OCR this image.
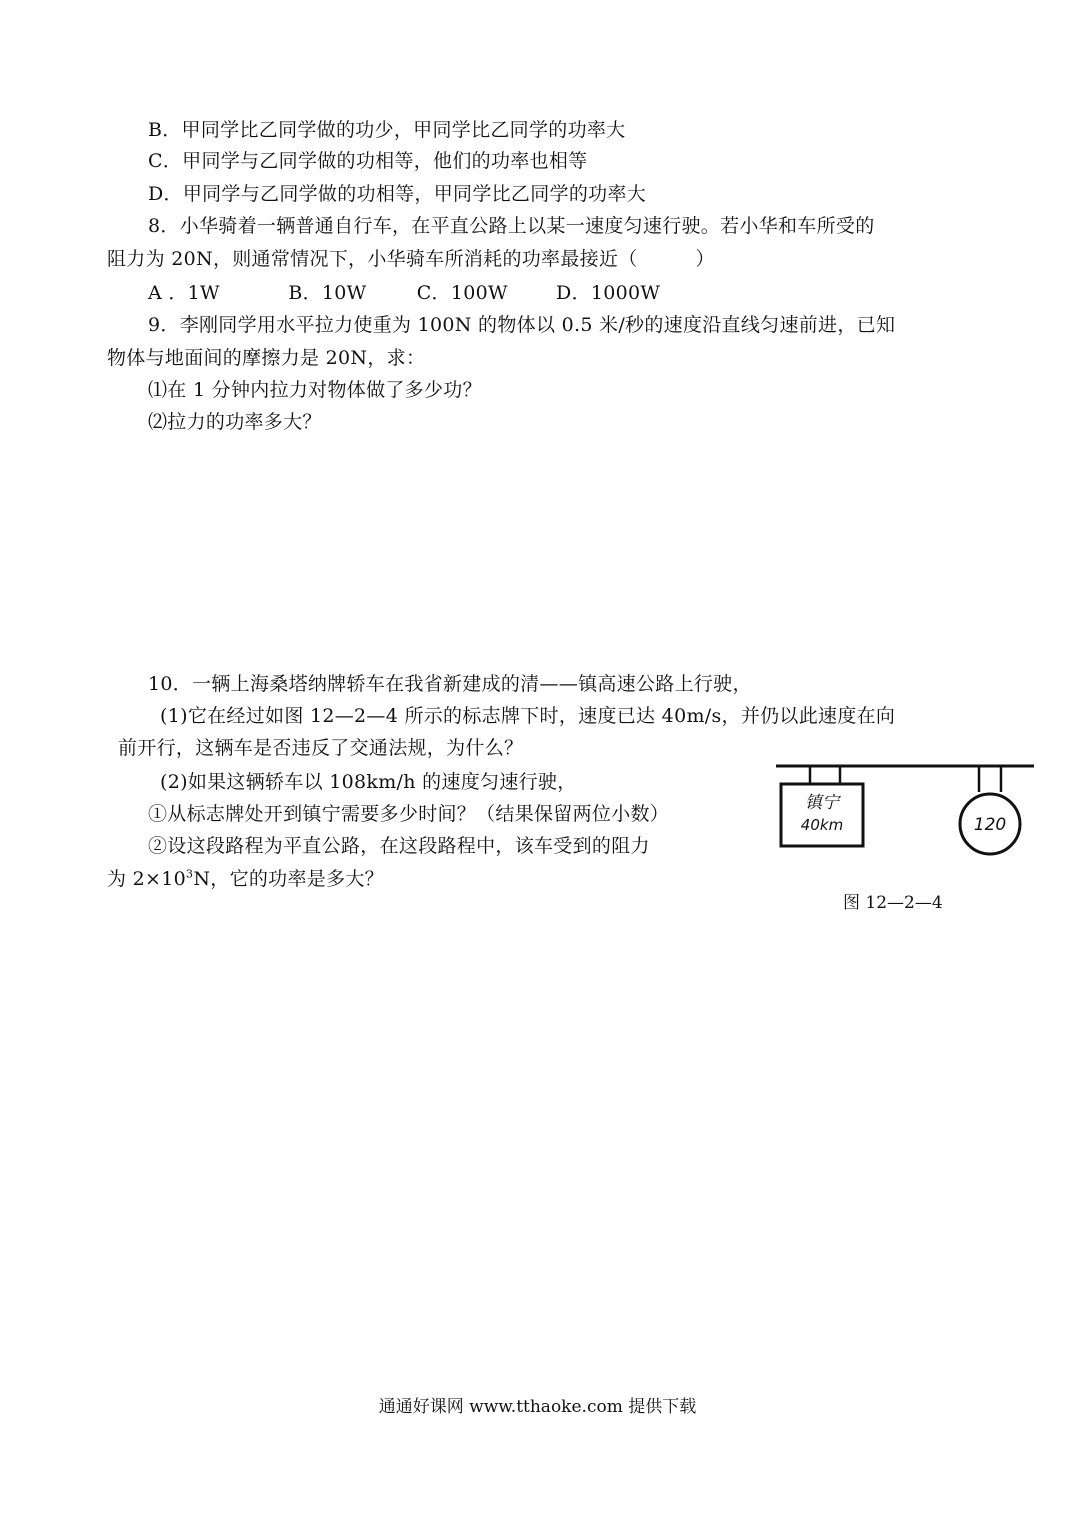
B．甲同学比乙同学做的功少，甲同学比乙同学的功率大
C．甲同学与乙同学做的功相等，他们的功率也相等
D．甲同学与乙同学做的功相等，甲同学比乙同学的功率大
8．小华骑着一辆普通自行车，在平直公路上以某一速度匀速行驶。若小华和车所受的
阻力为 20N，则通常情况下，小华骑车所消耗的功率最接近（　　　）
A ．1W	B．10W	C．100W	D．1000W
9．李刚同学用水平拉力使重为 100N 的物体以 0.5 米/秒的速度沿直线匀速前进，已知
物体与地面间的摩擦力是 20N，求：
⑴在 1 分钟内拉力对物体做了多少功？
⑵拉力的功率多大？
10．一辆上海桑塔纳牌轿车在我省新建成的清——镇高速公路上行驶，
(1)它在经过如图 12—2—4 所示的标志牌下时，速度已达 40m/s，并仍以此速度在向
前开行，这辆车是否违反了交通法规，为什么？
(2)如果这辆轿车以 108km/h 的速度匀速行驶，
①从标志牌处开到镇宁需要多少时间？（结果保留两位小数）
②设这段路程为平直公路，在这段路程中，该车受到的阻力
为 $2\times 10^3N$，它的功率是多大？
镇宁
40km	120
图 12—2—4
通通好课网 www.tthaoke.com 提供下载
